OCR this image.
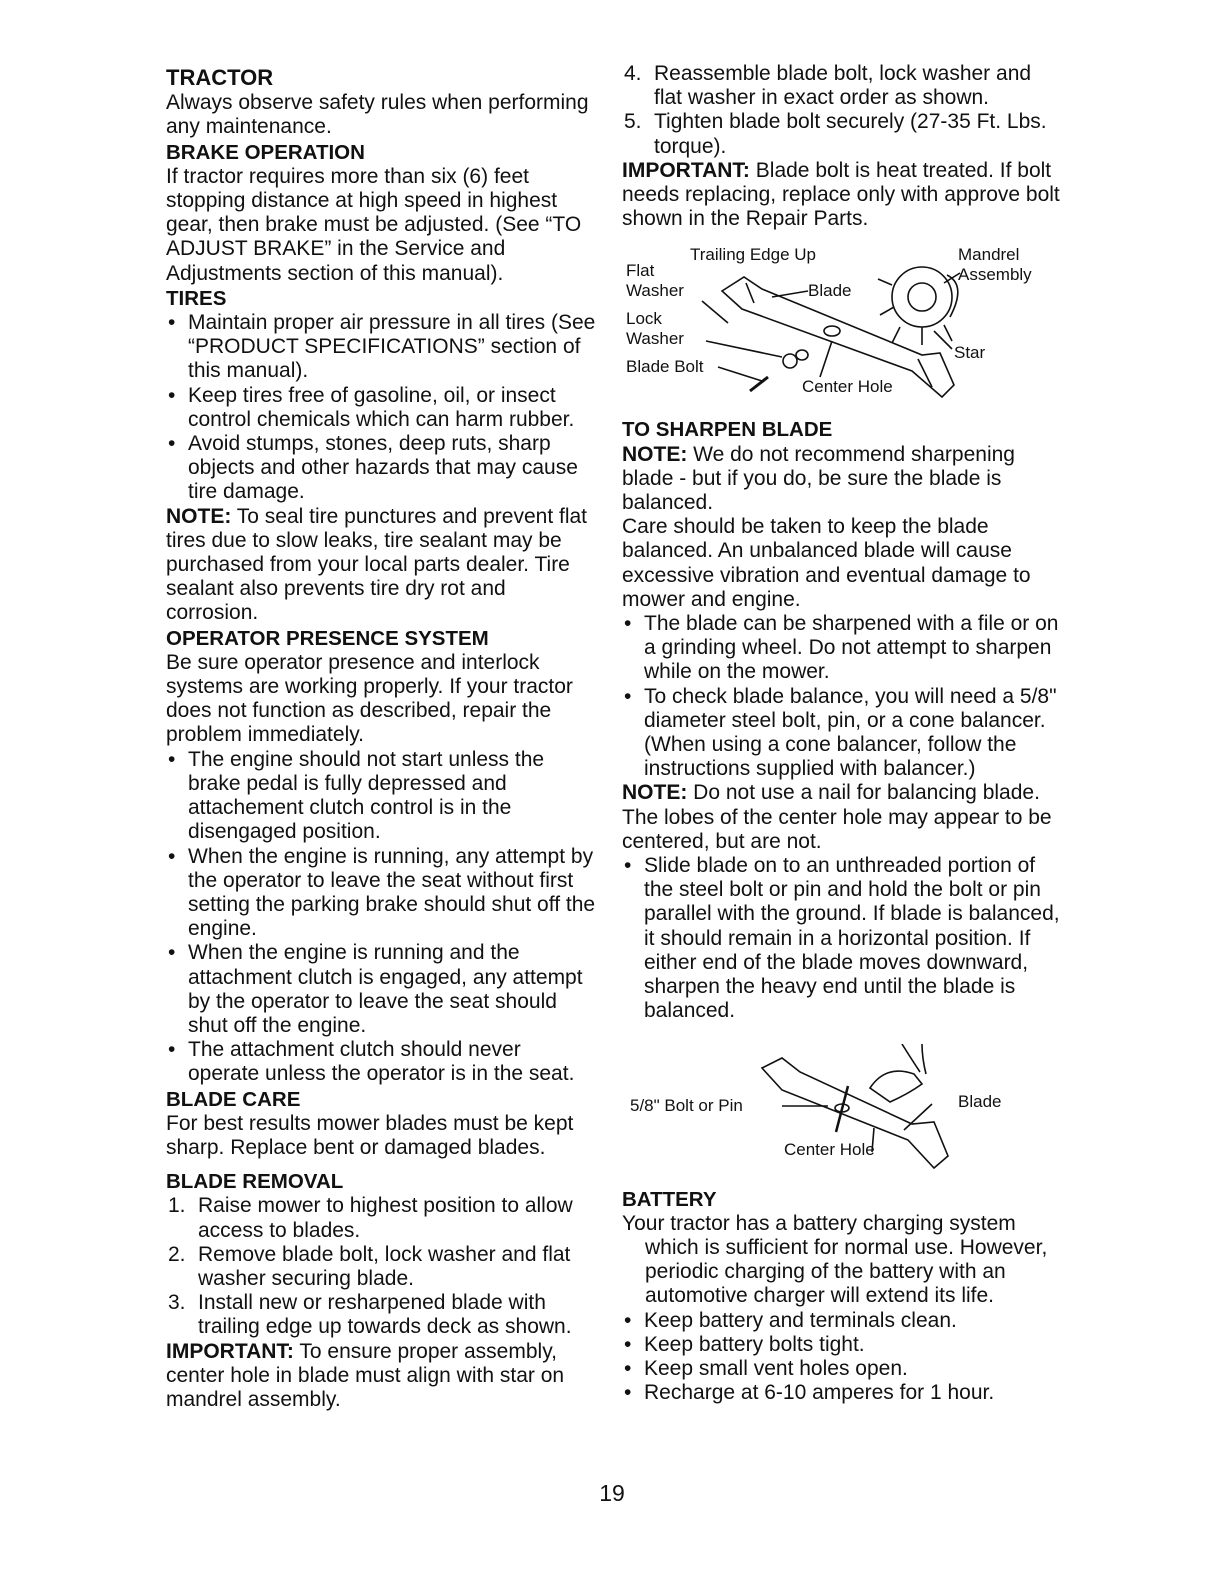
TRACTOR

Always observe safety rules when performing any maintenance.

BRAKE OPERATION

If tractor requires more than six (6) feet stopping distance at high speed in highest gear, then brake must be adjusted. (See “TO ADJUST BRAKE” in the Service and Adjustments section of this manual).

TIRES

• Maintain proper air pressure in all tires (See “PRODUCT SPECIFICATIONS” section of this manual).
• Keep tires free of gasoline, oil, or insect control chemicals which can harm rubber.
• Avoid stumps, stones, deep ruts, sharp objects and other hazards that may cause tire damage.

NOTE: To seal tire punctures and prevent flat tires due to slow leaks, tire sealant may be purchased from your local parts dealer. Tire sealant also prevents tire dry rot and corrosion.

OPERATOR PRESENCE SYSTEM

Be sure operator presence and interlock systems are working properly. If your tractor does not function as described, repair the problem immediately.

• The engine should not start unless the brake pedal is fully depressed and attachement clutch control is in the disengaged position.
• When the engine is running, any attempt by the operator to leave the seat without first setting the parking brake should shut off the engine.
• When the engine is running and the attachment clutch is engaged, any attempt by the operator to leave the seat should shut off the engine.
• The attachment clutch should never operate unless the operator is in the seat.

BLADE CARE

For best results mower blades must be kept sharp. Replace bent or damaged blades.

BLADE REMOVAL

1. Raise mower to highest position to allow access to blades.
2. Remove blade bolt, lock washer and flat washer securing blade.
3. Install new or resharpened blade with trailing edge up towards deck as shown.

IMPORTANT: To ensure proper assembly, center hole in blade must align with star on mandrel assembly.

4. Reassemble blade bolt, lock washer and flat washer in exact order as shown.
5. Tighten blade bolt securely (27-35 Ft. Lbs. torque).

IMPORTANT: Blade bolt is heat treated. If bolt needs replacing, replace only with approve bolt shown in the Repair Parts.

Trailing Edge Up
Flat
Washer	Blade
Lock
Washer
Blade Bolt
Center Hole
Mandrel
Assembly
Star

TO SHARPEN BLADE

NOTE: We do not recommend sharpening blade - but if you do, be sure the blade is balanced.

Care should be taken to keep the blade balanced. An unbalanced blade will cause excessive vibration and eventual damage to mower and engine.

• The blade can be sharpened with a file or on a grinding wheel. Do not attempt to sharpen while on the mower.
• To check blade balance, you will need a 5/8" diameter steel bolt, pin, or a cone balancer. (When using a cone balancer, follow the instructions supplied with balancer.)

NOTE: Do not use a nail for balancing blade. The lobes of the center hole may appear to be centered, but are not.

• Slide blade on to an unthreaded portion of the steel bolt or pin and hold the bolt or pin parallel with the ground. If blade is balanced, it should remain in a horizontal position. If either end of the blade moves downward, sharpen the heavy end until the blade is balanced.
5/8" Bolt or Pin	Blade
Center Hole

BATTERY

Your tractor has a battery charging system which is sufficient for normal use. However, periodic charging of the battery with an automotive charger will extend its life.

• Keep battery and terminals clean.
• Keep battery bolts tight.
• Keep small vent holes open.
• Recharge at 6-10 amperes for 1 hour.
19
